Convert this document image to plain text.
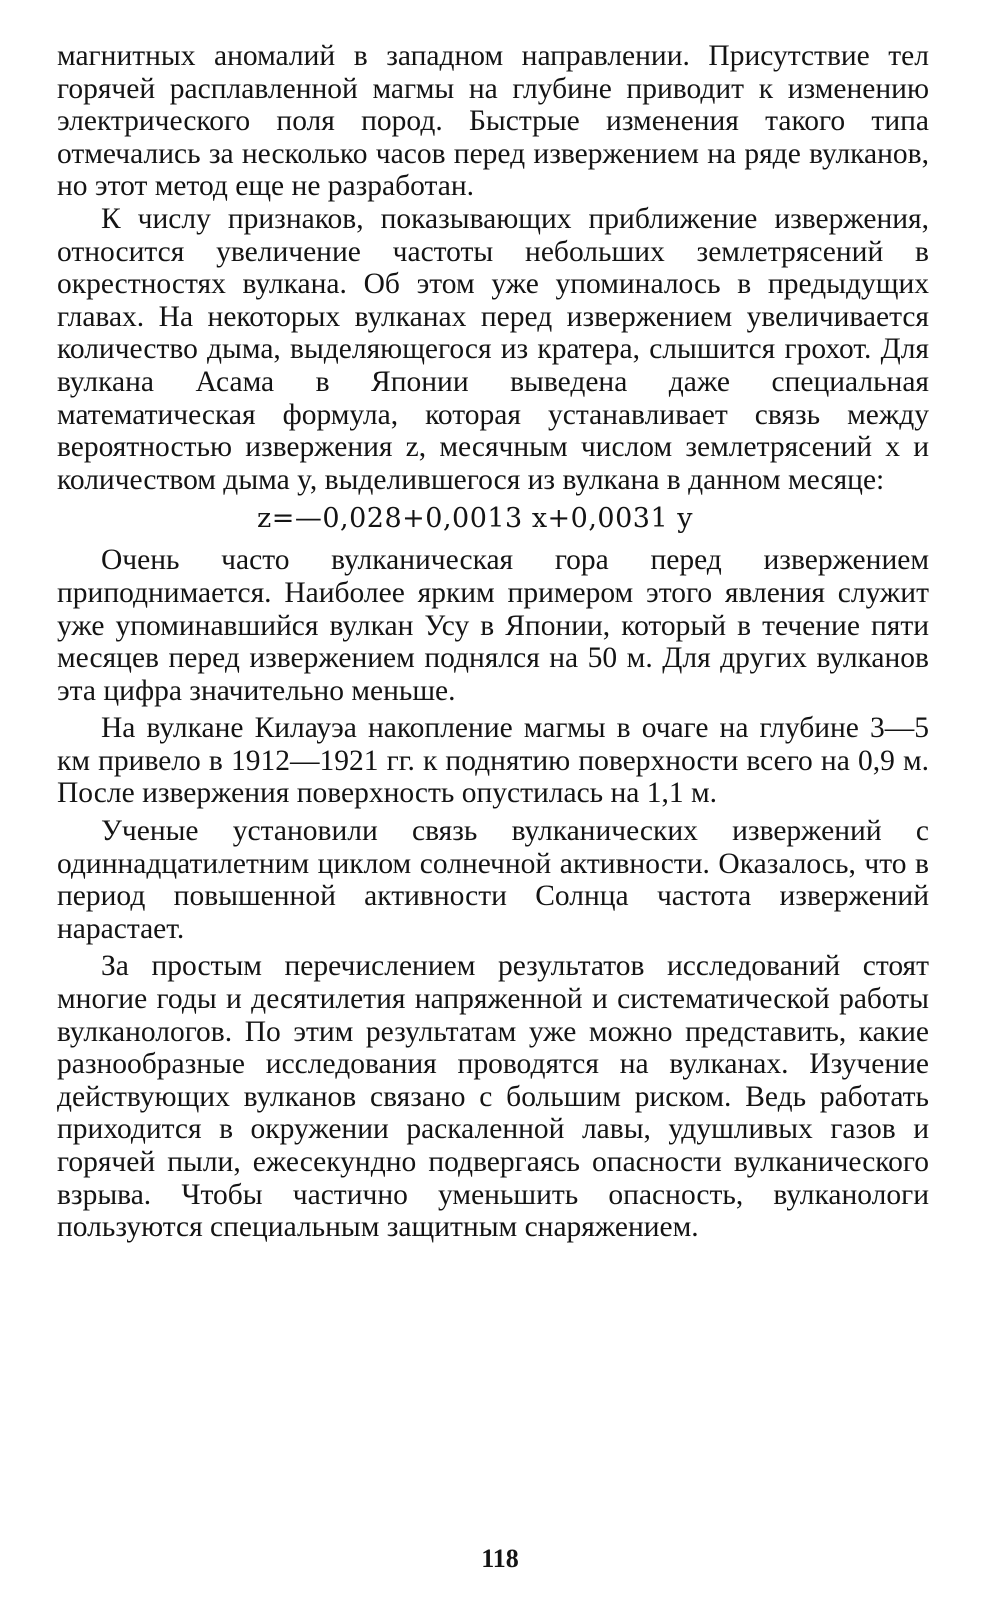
магнитных аномалий в западном направлении. Присутствие тел горячей расплавленной магмы на глубине приводит к изменению электрического поля пород. Быстрые изменения такого типа отмечались за несколько часов перед извержением на ряде вулканов, но этот метод еще не разработан.

К числу признаков, показывающих приближение извержения, относится увеличение частоты небольших землетрясений в окрестностях вулкана. Об этом уже упоминалось в предыдущих главах. На некоторых вулканах перед извержением увеличивается количество дыма, выделяющегося из кратера, слышится грохот. Для вулкана Асама в Японии выведена даже специальная математическая формула, которая устанавливает связь между вероятностью извержения z, месячным числом землетрясений x и количеством дыма y, выделившегося из вулкана в данном месяце:

z=—0,028+0,0013 x+0,0031 y

Очень часто вулканическая гора перед извержением приподнимается. Наиболее ярким примером этого явления служит уже упоминавшийся вулкан Усу в Японии, который в течение пяти месяцев перед извержением поднялся на 50 м. Для других вулканов эта цифра значительно меньше.

На вулкане Килауэа накопление магмы в очаге на глубине 3—5 км привело в 1912—1921 гг. к поднятию поверхности всего на 0,9 м. После извержения поверхность опустилась на 1,1 м.

Ученые установили связь вулканических извержений с одиннадцатилетним циклом солнечной активности. Оказалось, что в период повышенной активности Солнца частота извержений нарастает.

За простым перечислением результатов исследований стоят многие годы и десятилетия напряженной и систематической работы вулканологов. По этим результатам уже можно представить, какие разнообразные исследования проводятся на вулканах. Изучение действующих вулканов связано с большим риском. Ведь работать приходится в окружении раскаленной лавы, удушливых газов и горячей пыли, ежесекундно подвергаясь опасности вулканического взрыва. Чтобы частично уменьшить опасность, вулканологи пользуются специальным защитным снаряжением.

118
